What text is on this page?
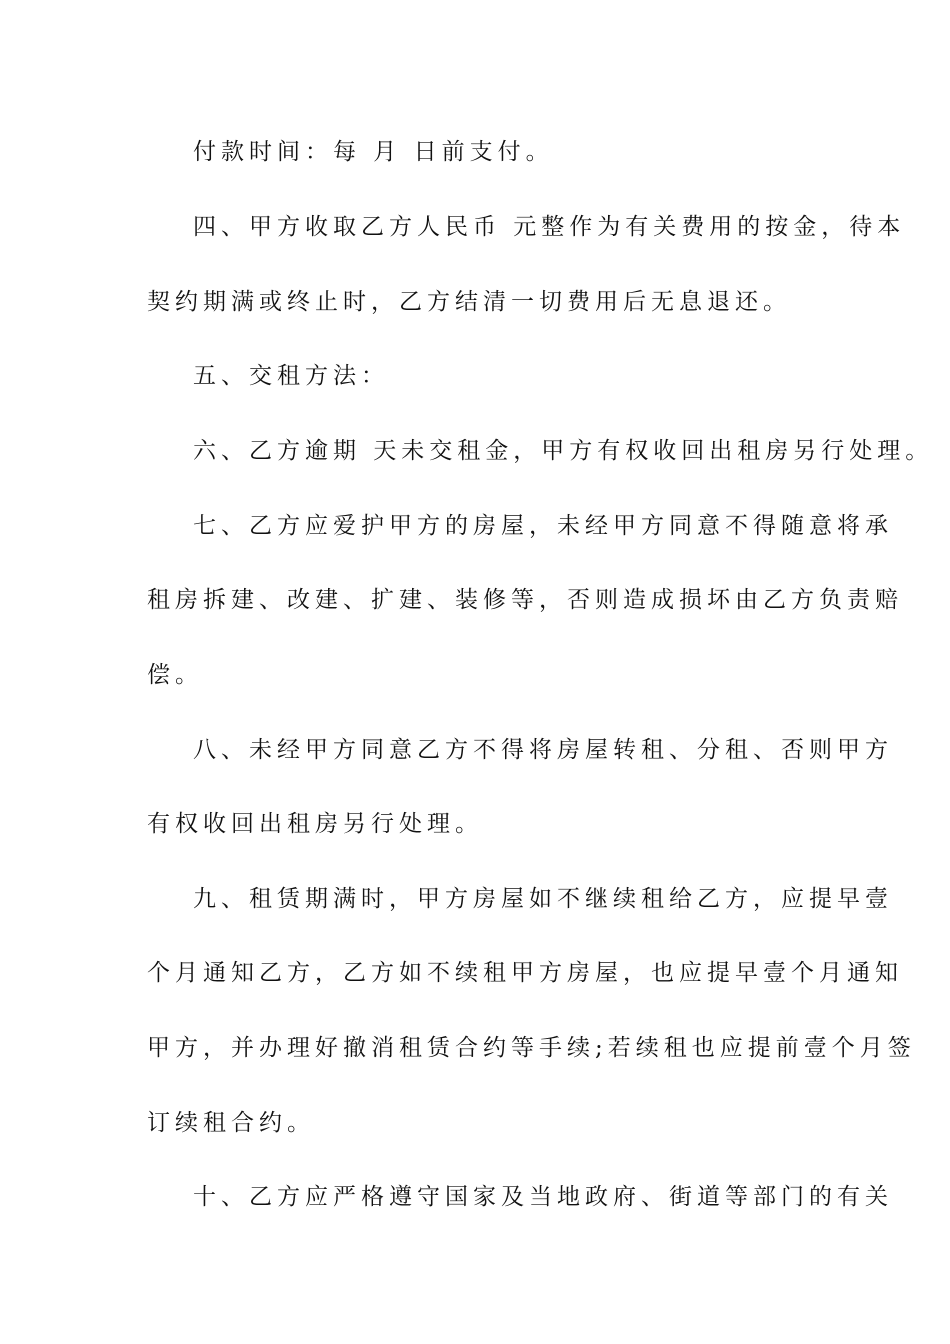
付款时间：每 月 日前支付。

四、甲方收取乙方人民币 元整作为有关费用的按金，待本

契约期满或终止时，乙方结清一切费用后无息退还。

五、交租方法：

六、乙方逾期 天未交租金，甲方有权收回出租房另行处理。

七、乙方应爱护甲方的房屋，未经甲方同意不得随意将承

租房拆建、改建、扩建、装修等，否则造成损坏由乙方负责赔

偿。

八、未经甲方同意乙方不得将房屋转租、分租、否则甲方

有权收回出租房另行处理。

九、租赁期满时，甲方房屋如不继续租给乙方，应提早壹

个月通知乙方，乙方如不续租甲方房屋，也应提早壹个月通知

甲方，并办理好撤消租赁合约等手续;若续租也应提前壹个月签

订续租合约。

十、乙方应严格遵守国家及当地政府、街道等部门的有关
